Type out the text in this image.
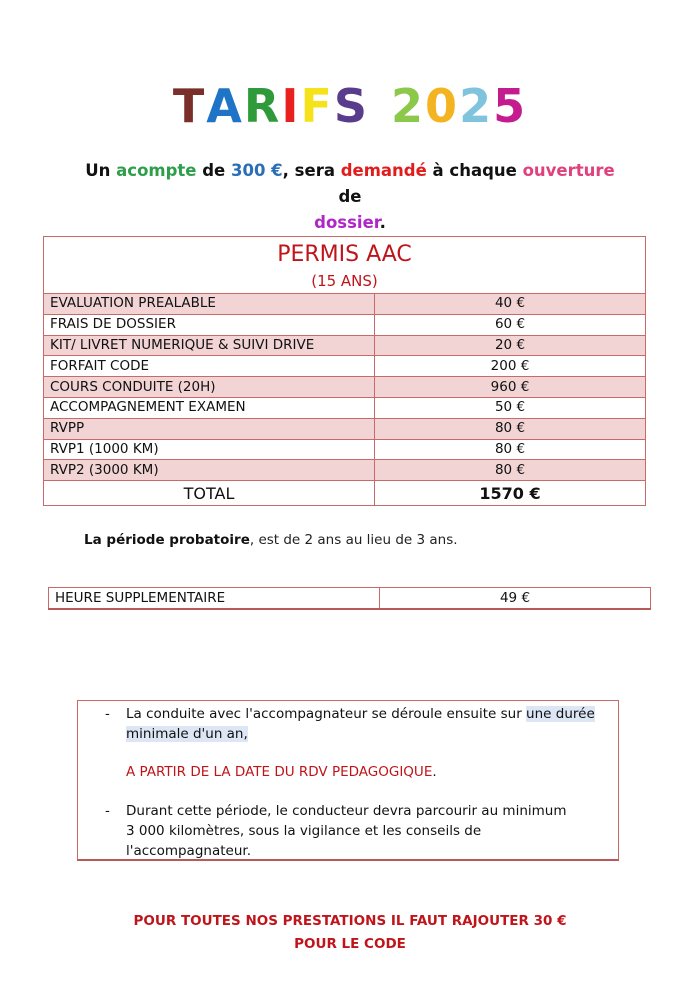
TARIFS 2025
Un acompte de 300 €, sera demandé à chaque ouverture de
dossier.
PERMIS AAC
(15 ANS)	

EVALUATION PREALABLE	40 €
FRAIS DE DOSSIER	60 €
KIT/ LIVRET NUMERIQUE & SUIVI DRIVE	20 €
FORFAIT CODE	200 €
COURS CONDUITE (20H)	960 €
ACCOMPAGNEMENT EXAMEN	50 €
RVPP	80 €
RVP1 (1000 KM)	80 €
RVP2 (3000 KM)	80 €
TOTAL	1570 €
La période probatoire, est de 2 ans au lieu de 3 ans.
HEURE SUPPLEMENTAIRE	49 €
- La conduite avec l'accompagnateur se déroule ensuite sur une durée
minimale d'un an,
A PARTIR DE LA DATE DU RDV PEDAGOGIQUE.
- Durant cette période, le conducteur devra parcourir au minimum
3 000 kilomètres, sous la vigilance et les conseils de
l'accompagnateur.
POUR TOUTES NOS PRESTATIONS IL FAUT RAJOUTER 30 €
POUR LE CODE
